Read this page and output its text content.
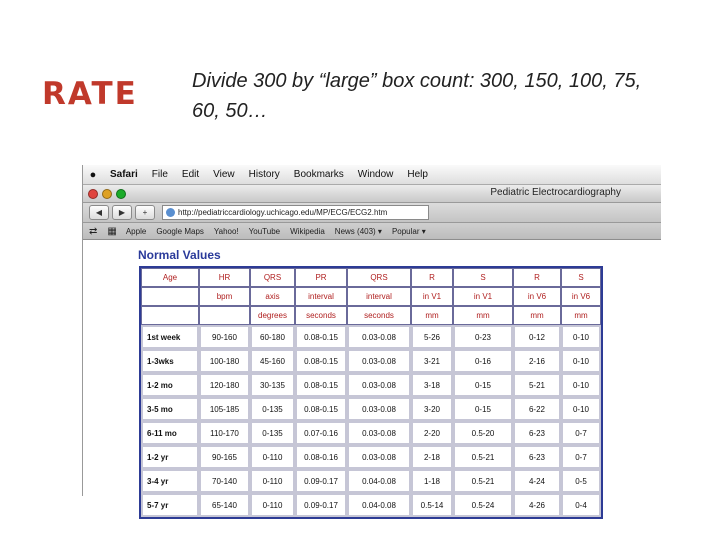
RATE	Divide 300 by “large” box count: 300, 150, 100, 75, 60, 50…
●	Safari	File	Edit	View	History	Bookmarks	Window	Help
Pediatric Electrocardiography
◀	▶	+	http://pediatriccardiology.uchicago.edu/MP/ECG/ECG2.htm
⇄	▦	Apple	Google Maps	Yahoo!	YouTube	Wikipedia	News (403) ▾	Popular ▾
Normal Values
Age	HR	QRS	PR	QRS	R	S	R	S
	bpm	axis	interval	interval	in V1	in V1	in V6	in V6
		degrees	seconds	seconds	mm	mm	mm	mm
1st week	90-160	60-180	0.08-0.15	0.03-0.08	5-26	0-23	0-12	0-10
1-3wks	100-180	45-160	0.08-0.15	0.03-0.08	3-21	0-16	2-16	0-10
1-2 mo	120-180	30-135	0.08-0.15	0.03-0.08	3-18	0-15	5-21	0-10
3-5 mo	105-185	0-135	0.08-0.15	0.03-0.08	3-20	0-15	6-22	0-10
6-11 mo	110-170	0-135	0.07-0.16	0.03-0.08	2-20	0.5-20	6-23	0-7
1-2 yr	90-165	0-110	0.08-0.16	0.03-0.08	2-18	0.5-21	6-23	0-7
3-4 yr	70-140	0-110	0.09-0.17	0.04-0.08	1-18	0.5-21	4-24	0-5
5-7 yr	65-140	0-110	0.09-0.17	0.04-0.08	0.5-14	0.5-24	4-26	0-4
